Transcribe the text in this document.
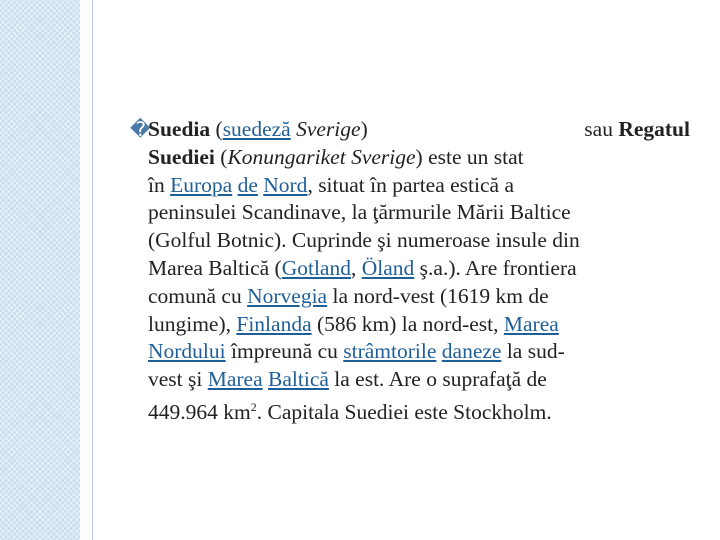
�
Suedia (suedeză Sverige)	sau Regatul
Suediei (Konungariket Sverige) este un stat
în Europa de Nord, situat în partea estică a
peninsulei Scandinave, la ţărmurile Mării Baltice
(Golful Botnic). Cuprinde şi numeroase insule din
Marea Baltică (Gotland, Öland ş.a.). Are frontiera
comună cu Norvegia la nord-vest (1619 km de
lungime), Finlanda (586 km) la nord-est, Marea
Nordului împreună cu strâmtorile daneze la sud-
vest şi Marea Baltică la est. Are o suprafaţă de
449.964 $km^2$. Capitala Suediei este Stockholm.
